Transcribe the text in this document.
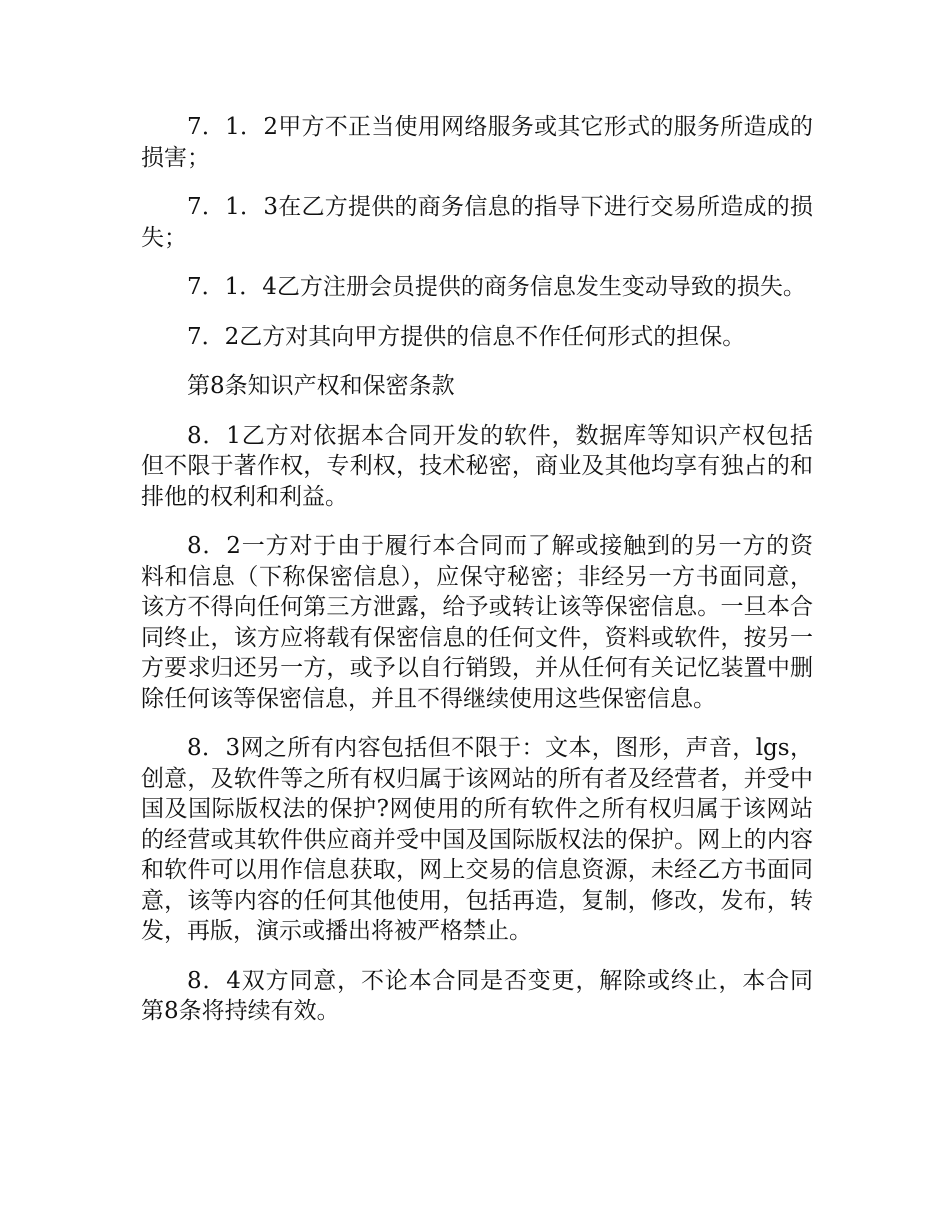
7．1．2甲方不正当使用网络服务或其它形式的服务所造成的损害；

7．1．3在乙方提供的商务信息的指导下进行交易所造成的损失；

7．1．4乙方注册会员提供的商务信息发生变动导致的损失。

7．2乙方对其向甲方提供的信息不作任何形式的担保。

第8条知识产权和保密条款

8．1乙方对依据本合同开发的软件，数据库等知识产权包括但不限于著作权，专利权，技术秘密，商业及其他均享有独占的和排他的权利和利益。

8．2一方对于由于履行本合同而了解或接触到的另一方的资料和信息（下称保密信息），应保守秘密；非经另一方书面同意，该方不得向任何第三方泄露，给予或转让该等保密信息。一旦本合同终止，该方应将载有保密信息的任何文件，资料或软件，按另一方要求归还另一方，或予以自行销毁，并从任何有关记忆装置中删除任何该等保密信息，并且不得继续使用这些保密信息。

8．3网之所有内容包括但不限于：文本，图形，声音，lgs，创意，及软件等之所有权归属于该网站的所有者及经营者，并受中国及国际版权法的保护?网使用的所有软件之所有权归属于该网站的经营或其软件供应商并受中国及国际版权法的保护。网上的内容和软件可以用作信息获取，网上交易的信息资源，未经乙方书面同意，该等内容的任何其他使用，包括再造，复制，修改，发布，转发，再版，演示或播出将被严格禁止。

8．4双方同意，不论本合同是否变更，解除或终止，本合同第8条将持续有效。
